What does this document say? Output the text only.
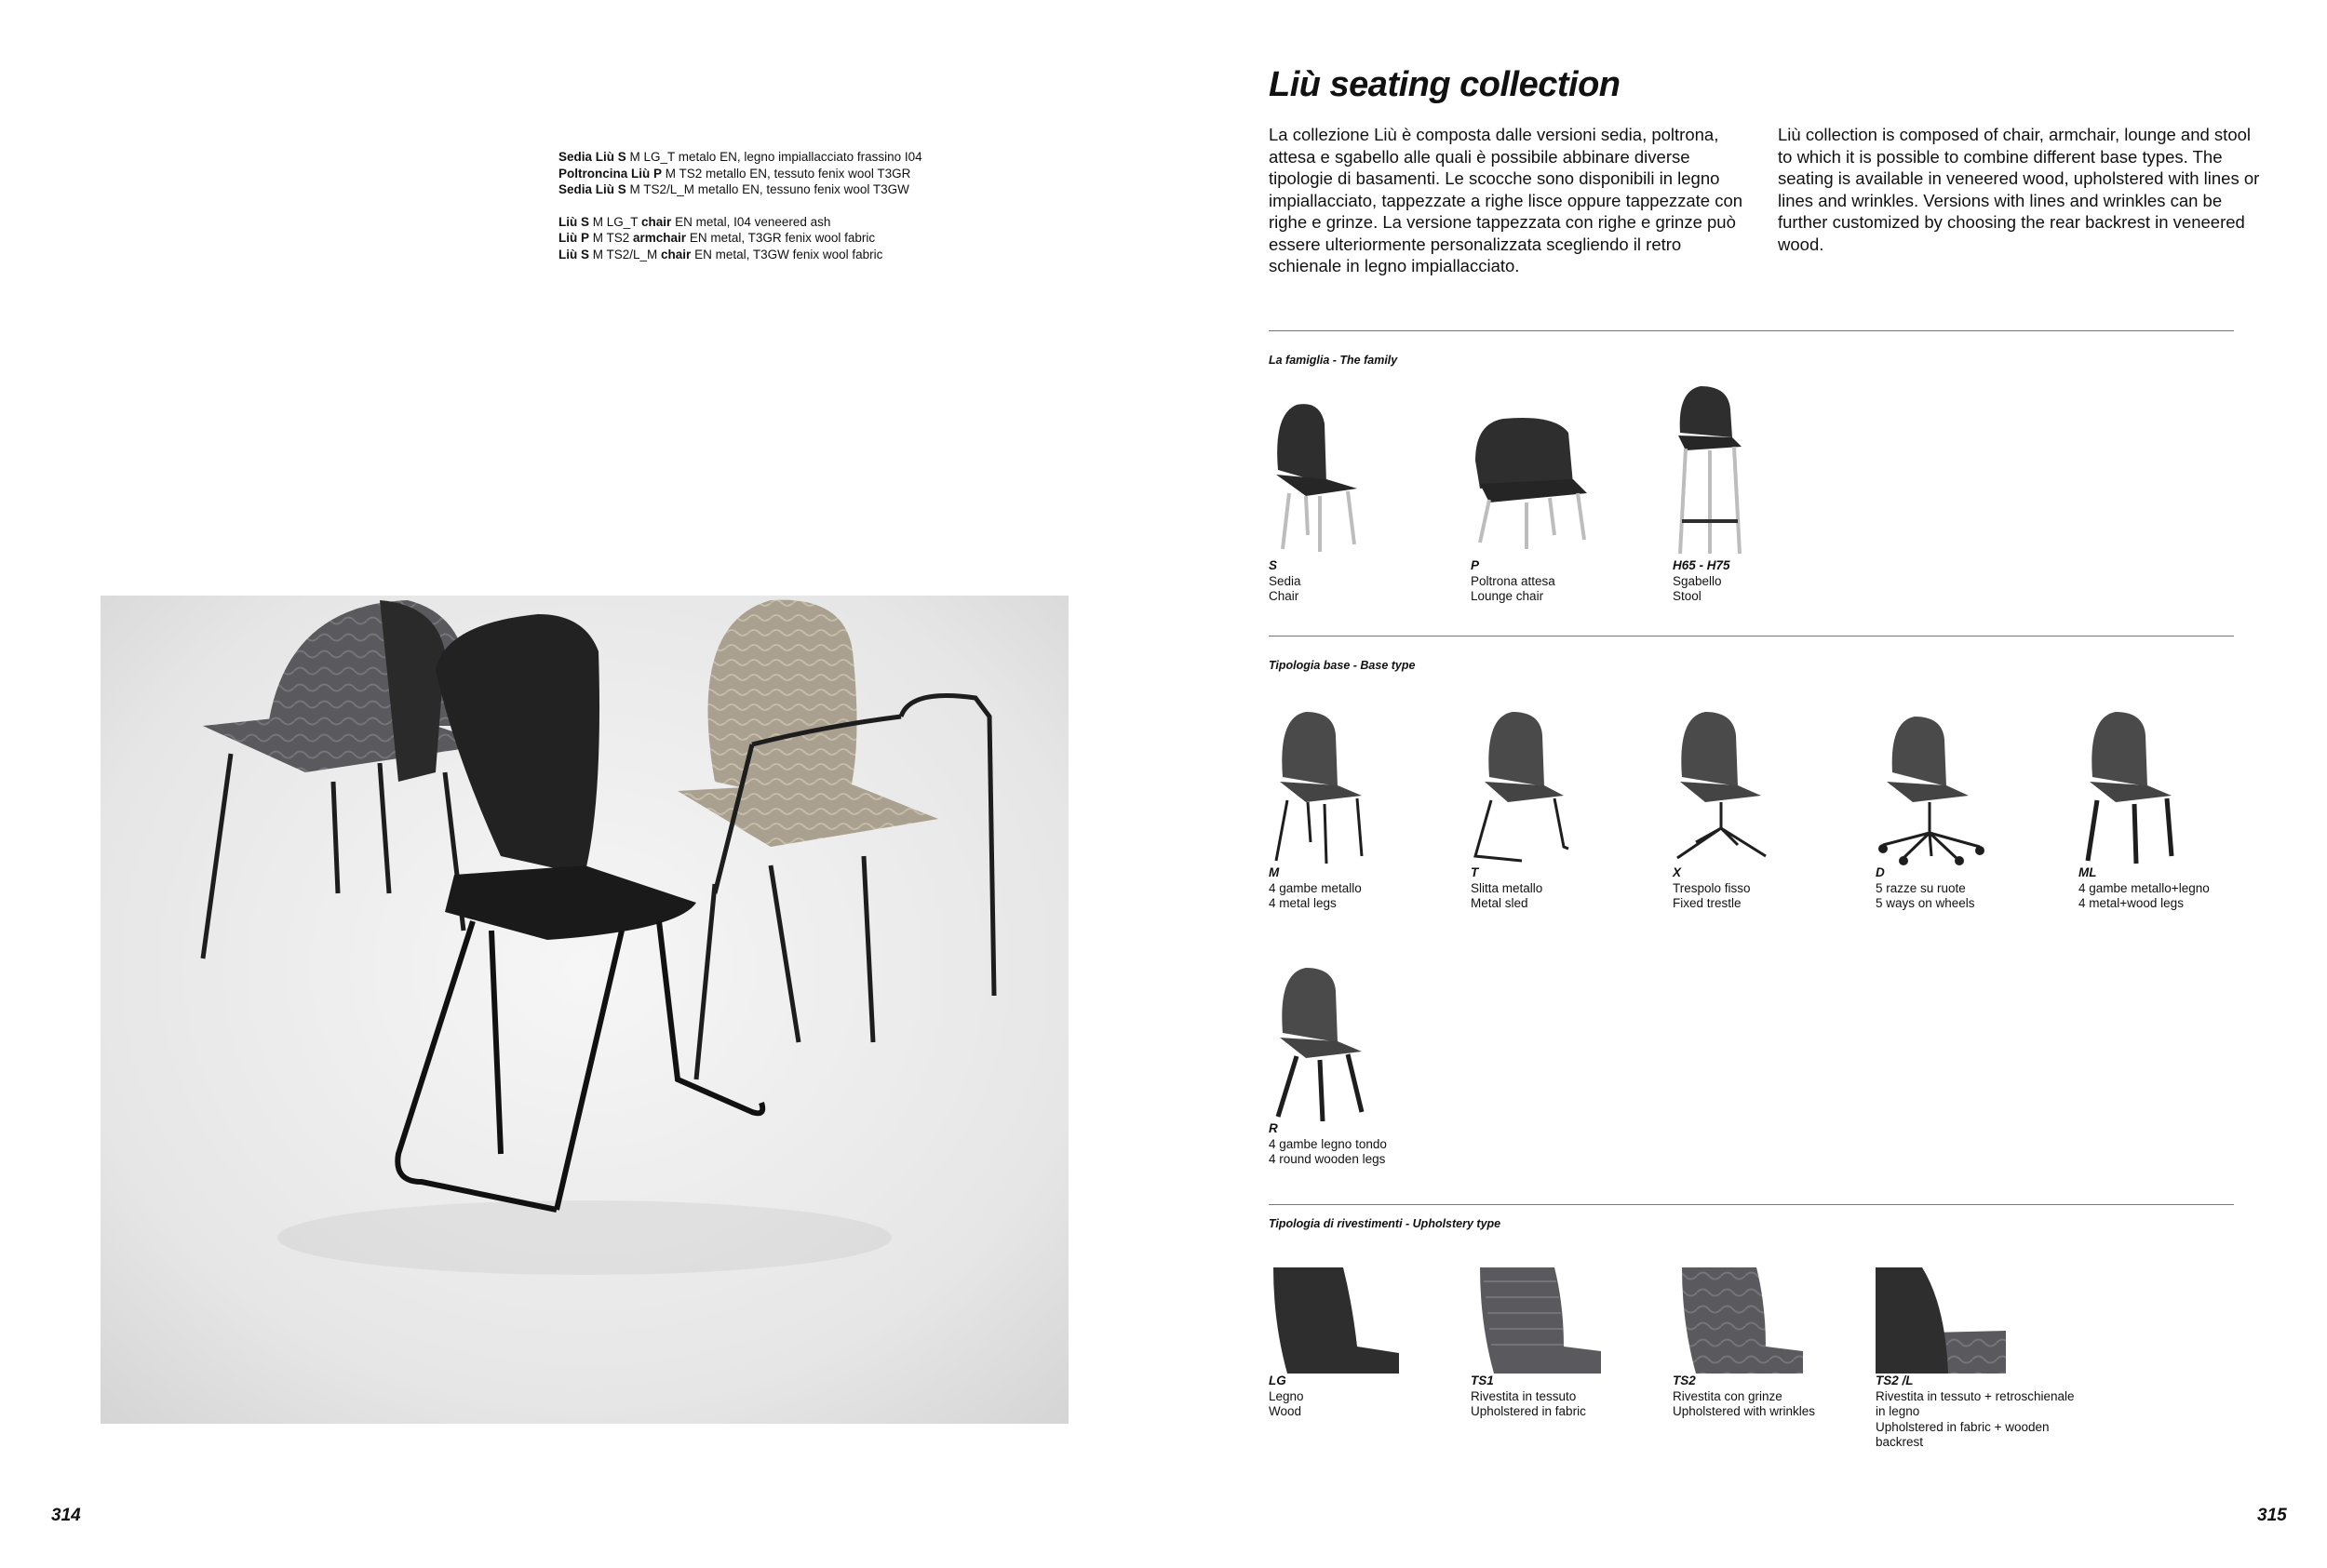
Sedia Liù S M LG_T metalo EN, legno impiallacciato frassino I04

Poltroncina Liù P M TS2 metallo EN, tessuto fenix wool T3GR

Sedia Liù S M TS2/L_M metallo EN, tessuno fenix wool T3GW

Liù S M LG_T chair EN metal, I04 veneered ash

Liù P M TS2 armchair EN metal, T3GR fenix wool fabric

Liù S M TS2/L_M chair EN metal, T3GW fenix wool fabric

314
Liù seating collection

La collezione Liù è composta dalle versioni sedia, poltrona, attesa e sgabello alle quali è possibile abbinare diverse tipologie di basamenti. Le scocche sono disponibili in legno impiallacciato, tappezzate a righe lisce oppure tappezzate con righe e grinze. La versione tappezzata con righe e grinze può essere ulteriormente personalizzata scegliendo il retro schienale in legno impiallacciato.

Liù collection is composed of chair, armchair, lounge and stool to which it is possible to combine different base types. The seating is available in veneered wood, upholstered with lines or lines and wrinkles. Versions with lines and wrinkles can be further customized by choosing the rear backrest in veneered wood.

La famiglia - The family

S
Sedia
Chair
P
Poltrona attesa
Lounge chair
H65 - H75
Sgabello
Stool

Tipologia base - Base type

M
4 gambe metallo
4 metal legs
T
Slitta metallo
Metal sled
X
Trespolo fisso
Fixed trestle
D
5 razze su ruote
5 ways on wheels
ML
4 gambe metallo+legno
4 metal+wood legs
R
4 gambe legno tondo
4 round wooden legs

Tipologia di rivestimenti - Upholstery type

LG
Legno
Wood
TS1
Rivestita in tessuto
Upholstered in fabric
TS2
Rivestita con grinze
Upholstered with wrinkles
TS2 /L
Rivestita in tessuto + retroschienale
in legno
Upholstered in fabric + wooden
backrest
315
